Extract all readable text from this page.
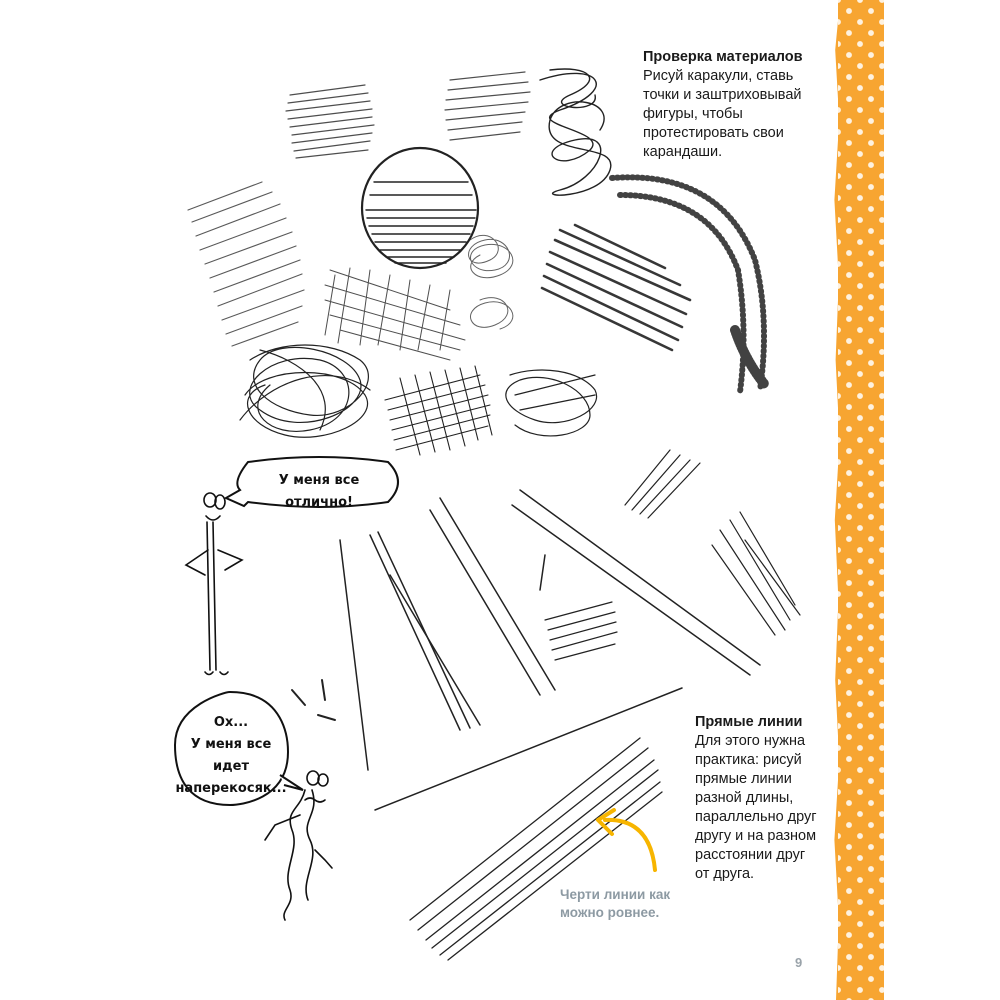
Проверка материалов
Рисуй каракули, ставь
точки и заштриховывай
фигуры, чтобы
протестировать свои
карандаши.
Прямые линии
Для этого нужна
практика: рисуй
прямые линии
разной длины,
параллельно друг
другу и на разном
расстоянии друг
от друга.
У меня все отлично!
Ох...
У меня все идет
наперекосяк...
Черти линии как
можно ровнее.
9
